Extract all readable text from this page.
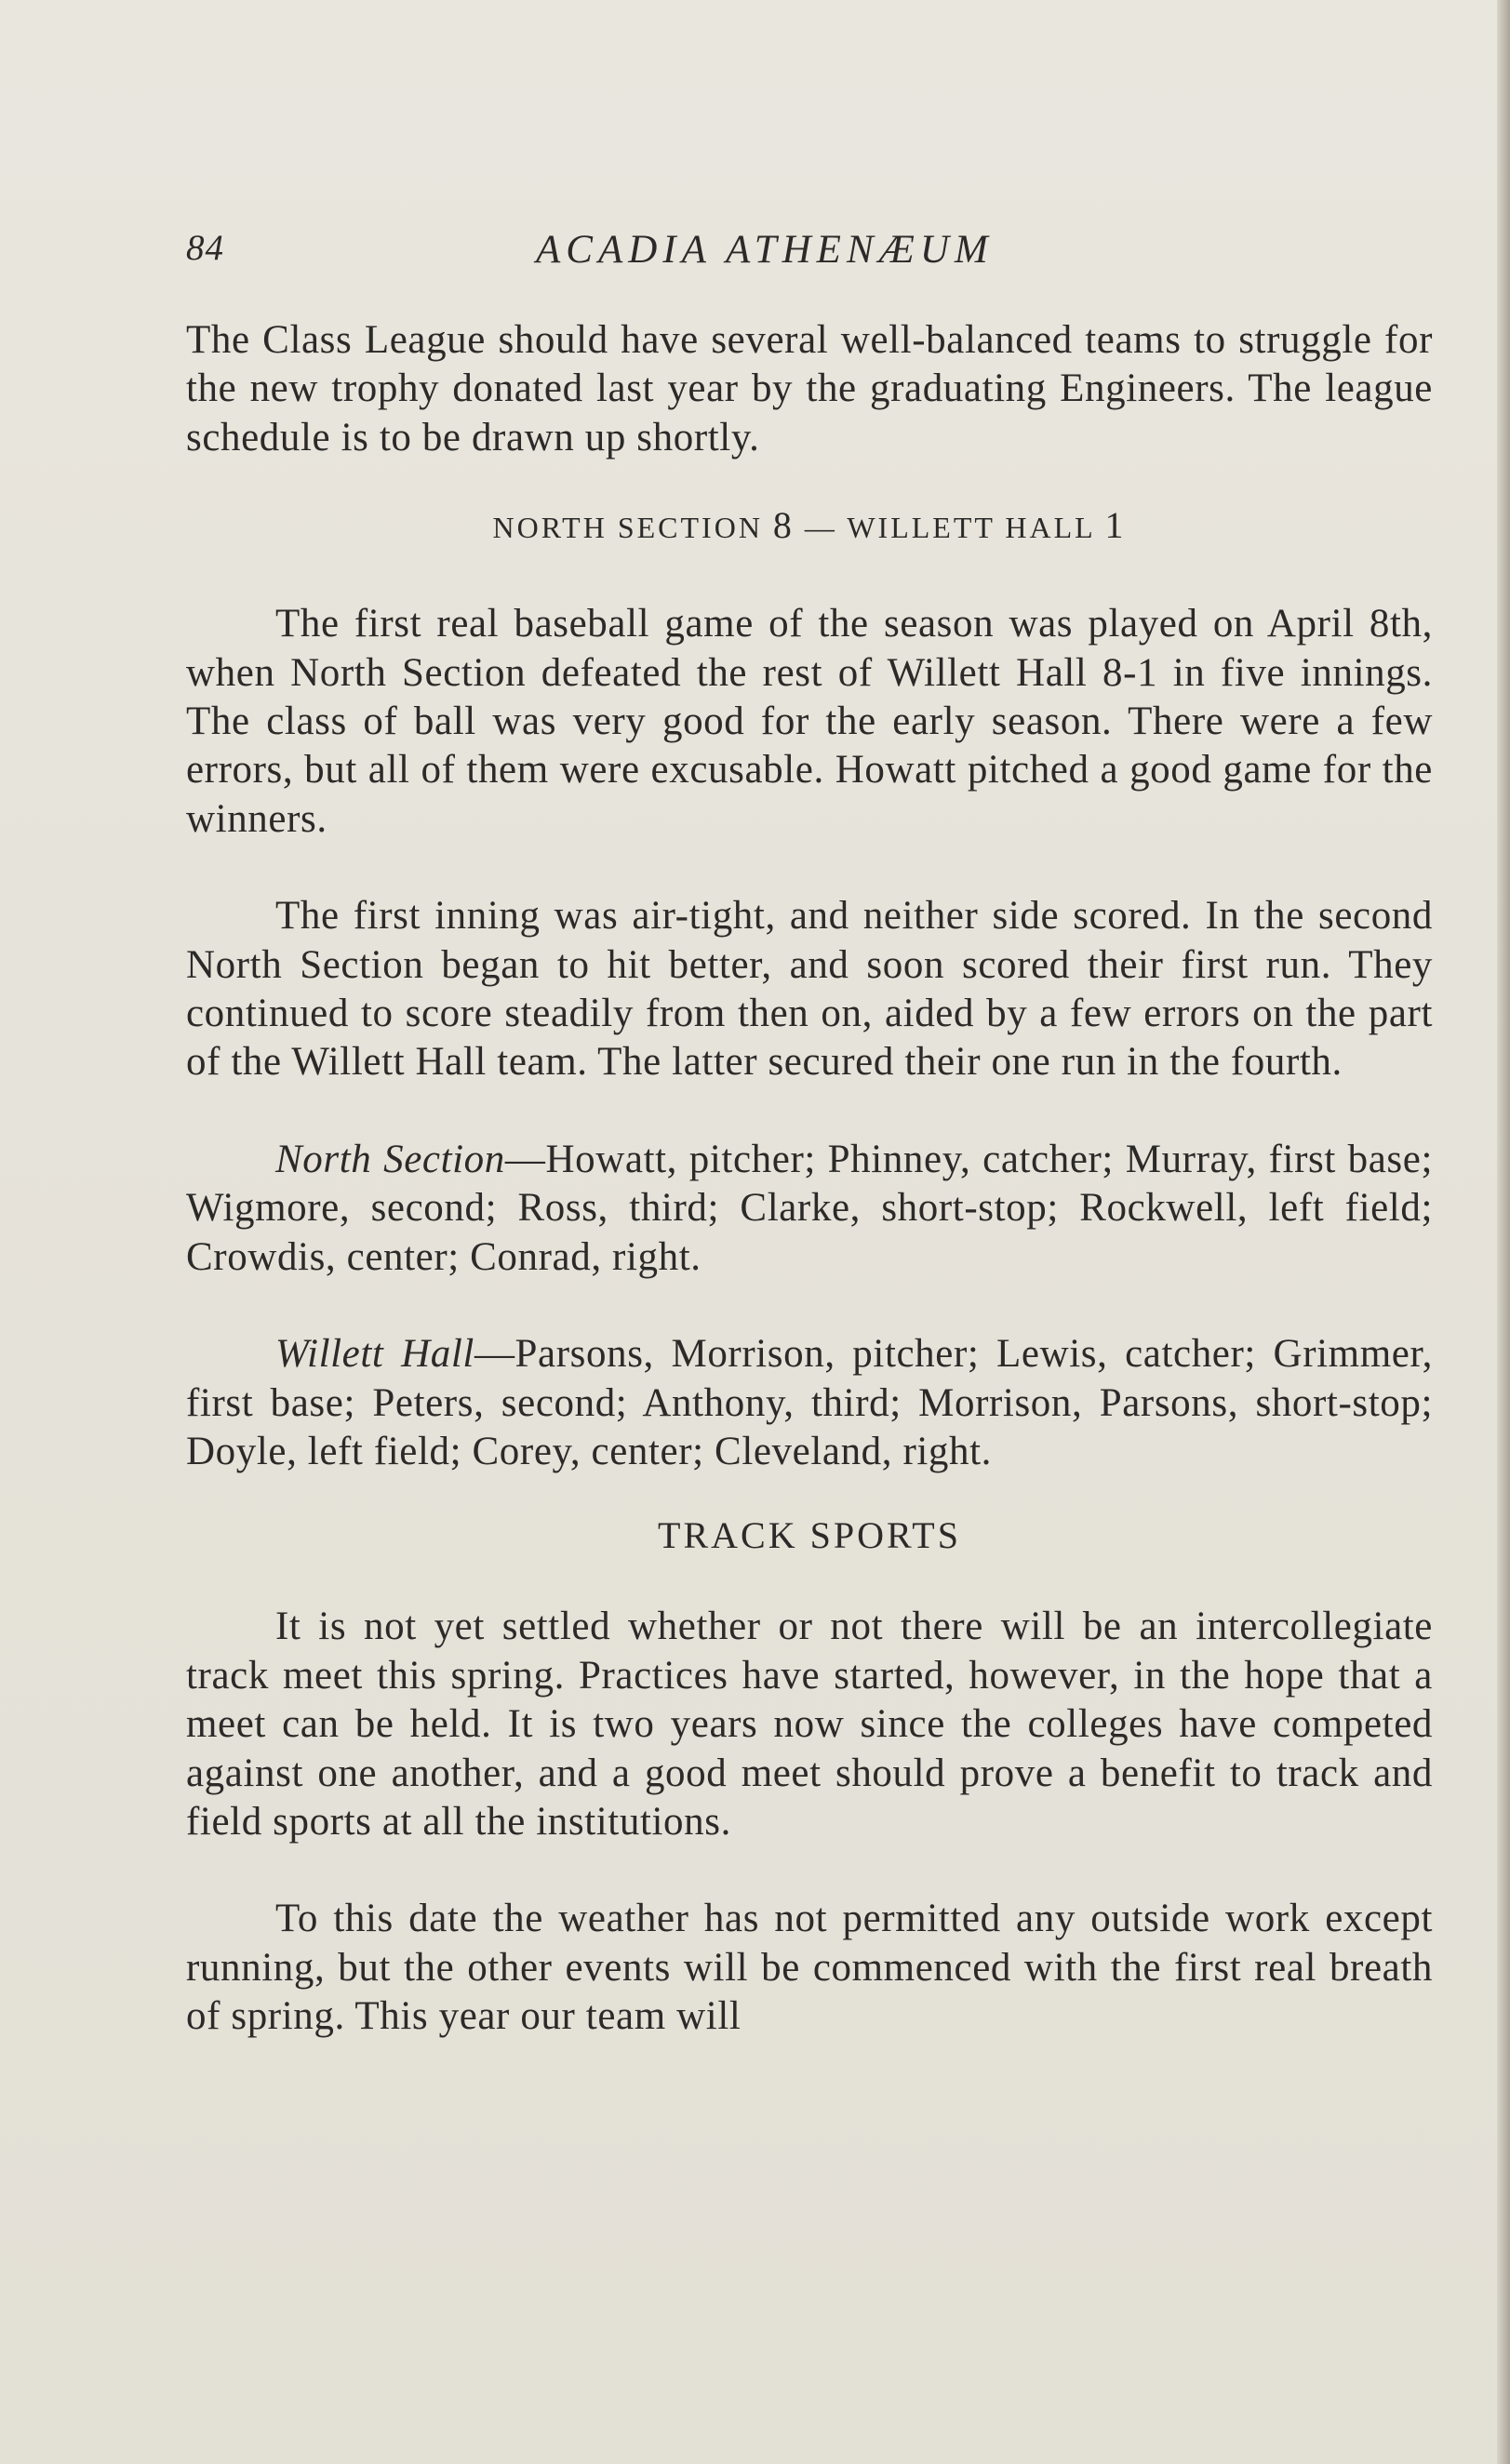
84	ACADIA ATHENÆUM

The Class League should have several well-balanced teams to struggle for the new trophy donated last year by the graduating Engineers. The league schedule is to be drawn up shortly.

NORTH SECTION 8 — WILLETT HALL 1

The first real baseball game of the season was played on April 8th, when North Section defeated the rest of Willett Hall 8-1 in five innings. The class of ball was very good for the early season. There were a few errors, but all of them were excusable. Howatt pitched a good game for the winners.

The first inning was air-tight, and neither side scored. In the second North Section began to hit better, and soon scored their first run. They continued to score steadily from then on, aided by a few errors on the part of the Willett Hall team. The latter secured their one run in the fourth.

North Section—Howatt, pitcher; Phinney, catcher; Murray, first base; Wigmore, second; Ross, third; Clarke, short-stop; Rockwell, left field; Crowdis, center; Conrad, right.

Willett Hall—Parsons, Morrison, pitcher; Lewis, catcher; Grimmer, first base; Peters, second; Anthony, third; Morrison, Parsons, short-stop; Doyle, left field; Corey, center; Cleveland, right.

TRACK SPORTS

It is not yet settled whether or not there will be an intercollegiate track meet this spring. Practices have started, however, in the hope that a meet can be held. It is two years now since the colleges have competed against one another, and a good meet should prove a benefit to track and field sports at all the institutions.

To this date the weather has not permitted any outside work except running, but the other events will be commenced with the first real breath of spring. This year our team will
